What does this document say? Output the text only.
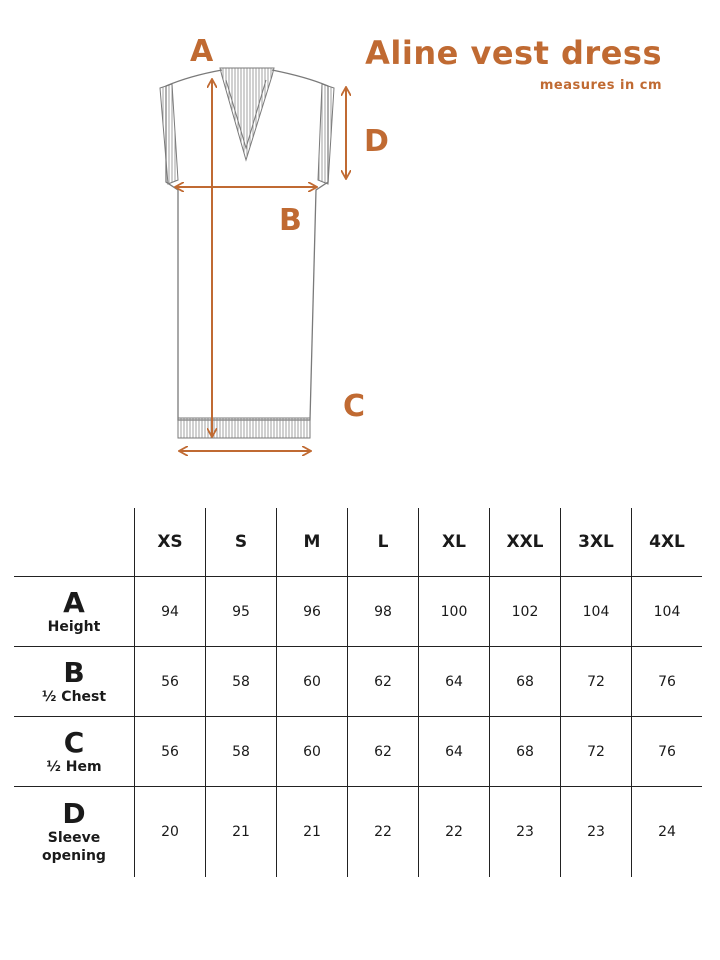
Aline vest dress
measures in cm
A
B
C
D
	XS	S	M	L	XL	XXL	3XL	4XL

A
Height	94	95	96	98	100	102	104	104

B
½ Chest	56	58	60	62	64	68	72	76

C
½ Hem	56	58	60	62	64	68	72	76

D
Sleeve
opening	20	21	21	22	22	23	23	24
